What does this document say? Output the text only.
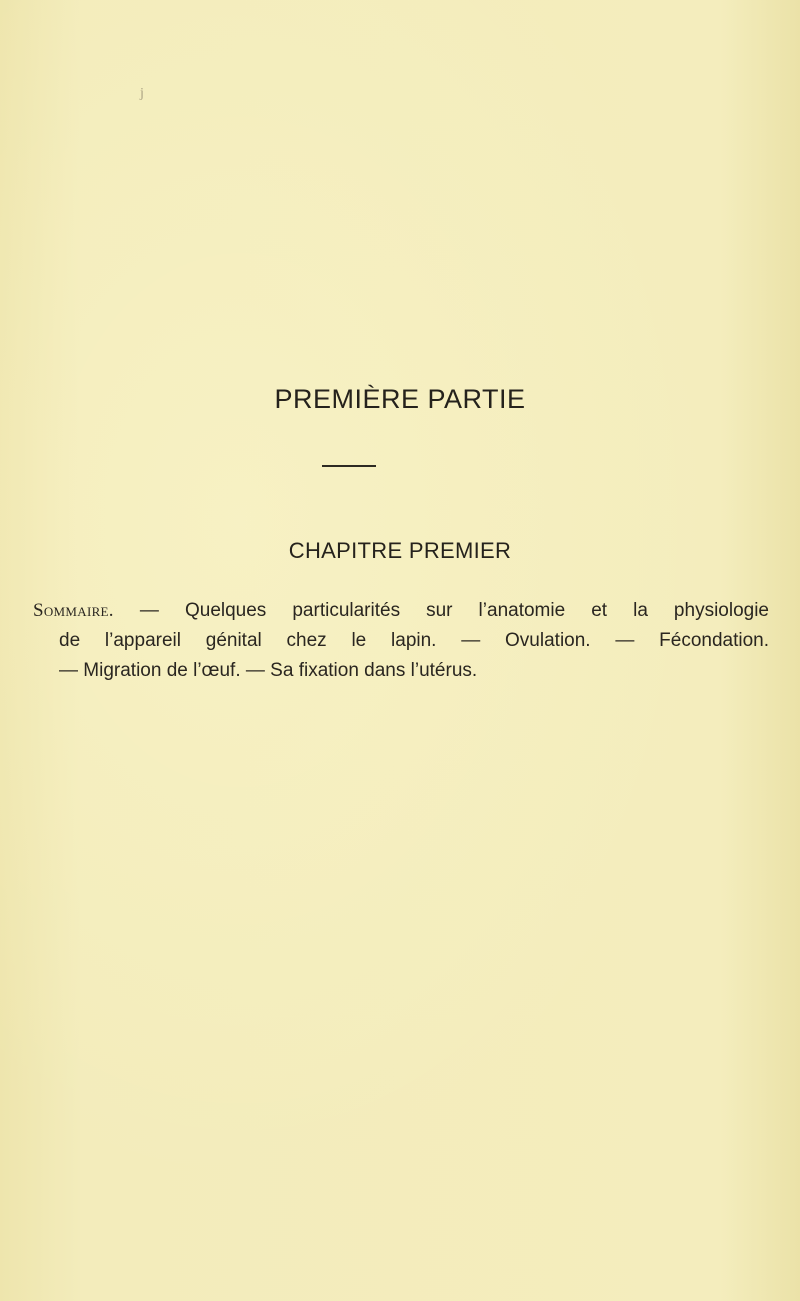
j
PREMIÈRE PARTIE
CHAPITRE PREMIER
Sommaire. — Quelques particularités sur l’anatomie et la physiologie
de l’appareil génital chez le lapin. — Ovulation. — Fécondation.
— Migration de l’œuf. — Sa fixation dans l’utérus.
